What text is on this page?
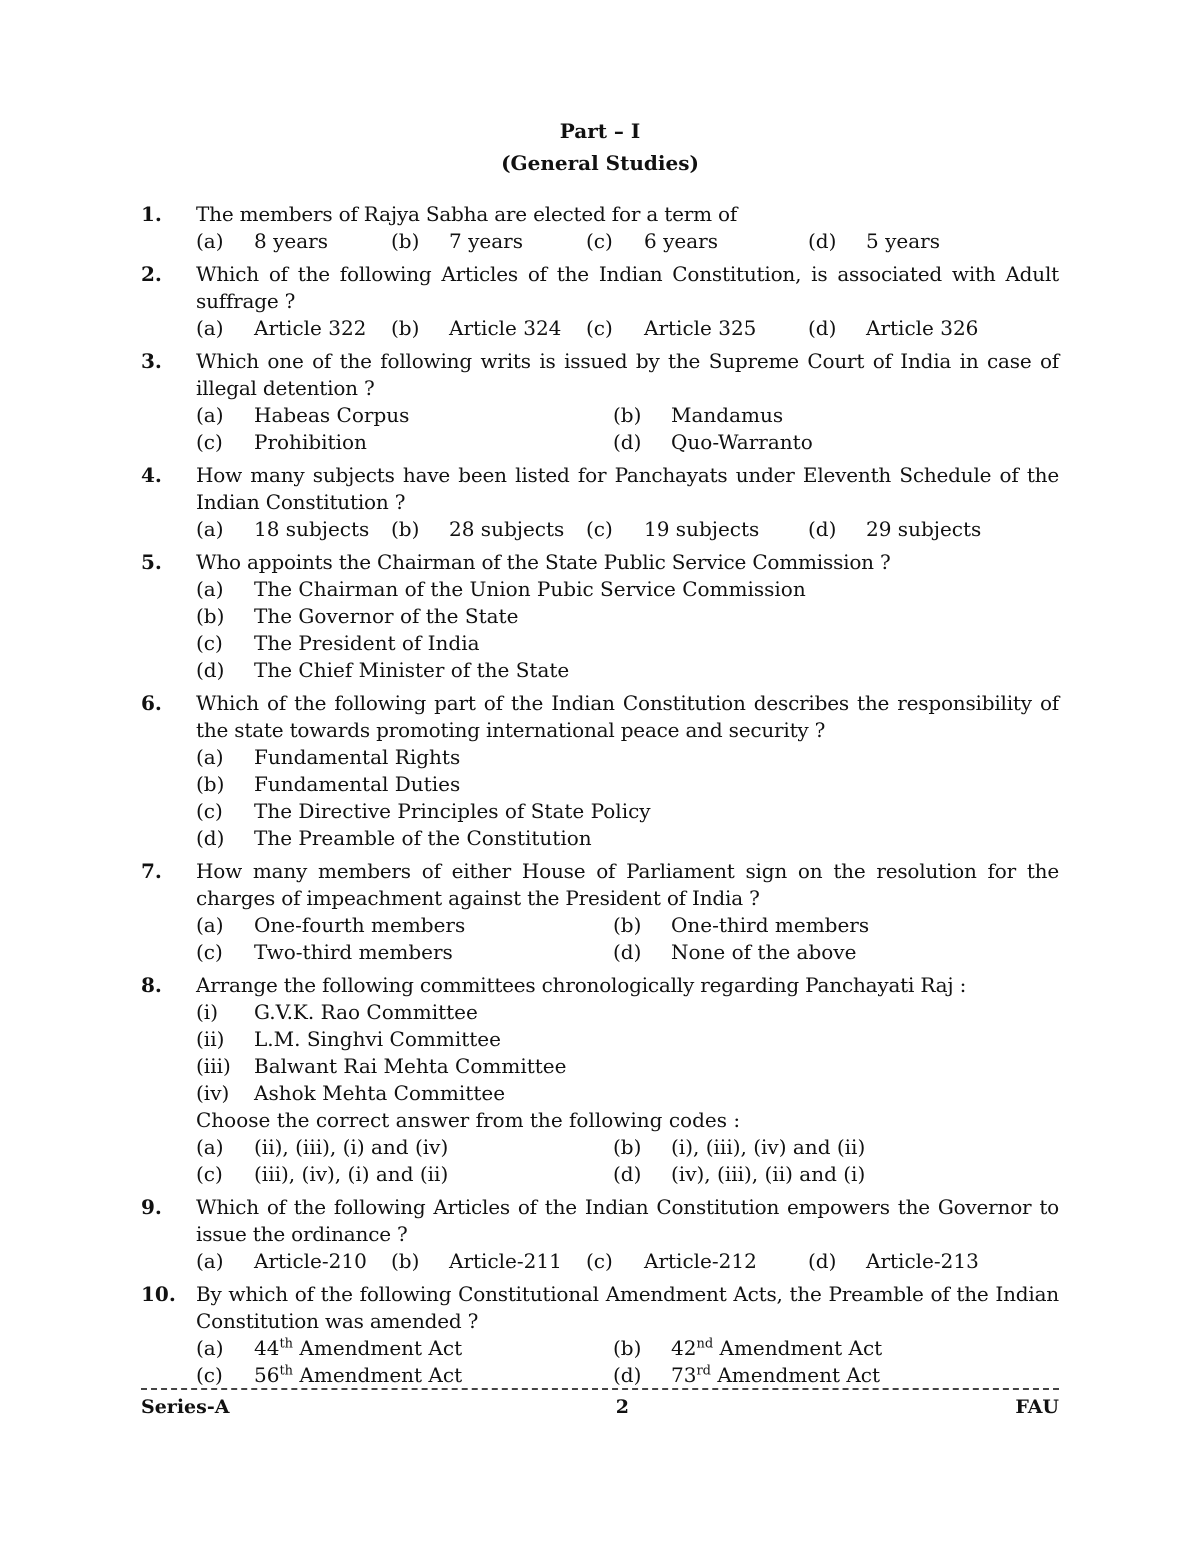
Part – I
(General Studies)
1.	The members of Rajya Sabha are elected for a term of
(a)	8 years	(b)	7 years	(c)	6 years	(d)	5 years
2.	Which of the following Articles of the Indian Constitution, is associated with Adult suffrage ?
(a)	Article 322 (b)	Article 324 (c)	Article 325	(d)	Article 326
3.	Which one of the following writs is issued by the Supreme Court of India in case of illegal detention ?
(a)	Habeas Corpus	(b)	Mandamus
(c)	Prohibition	(d)	Quo-Warranto
4.	How many subjects have been listed for Panchayats under Eleventh Schedule of the Indian Constitution ?
(a)	18 subjects (b)	28 subjects (c)	19 subjects (d)	29 subjects
5.	Who appoints the Chairman of the State Public Service Commission ?
(a)	The Chairman of the Union Pubic Service Commission
(b)	The Governor of the State
(c)	The President of India
(d)	The Chief Minister of the State
6.	Which of the following part of the Indian Constitution describes the responsibility of the state towards promoting international peace and security ?
(a)	Fundamental Rights
(b)	Fundamental Duties
(c)	The Directive Principles of State Policy
(d)	The Preamble of the Constitution
7.	How many members of either House of Parliament sign on the resolution for the charges of impeachment against the President of India ?
(a)	One-fourth members	(b)	One-third members
(c)	Two-third members	(d)	None of the above
8.	Arrange the following committees chronologically regarding Panchayati Raj :
(i)	G.V.K. Rao Committee
(ii)	L.M. Singhvi Committee
(iii)	Balwant Rai Mehta Committee
(iv)	Ashok Mehta Committee
Choose the correct answer from the following codes :
(a)	(ii), (iii), (i) and (iv)	(b)	(i), (iii), (iv) and (ii)
(c)	(iii), (iv), (i) and (ii)	(d)	(iv), (iii), (ii) and (i)
9.	Which of the following Articles of the Indian Constitution empowers the Governor to issue the ordinance ?
(a)	Article-210 (b)	Article-211 (c)	Article-212	(d)	Article-213
10.	By which of the following Constitutional Amendment Acts, the Preamble of the Indian Constitution was amended ?
(a)	44th Amendment Act	(b)	42nd Amendment Act
(c)	56th Amendment Act	(d)	73rd Amendment Act
Series-A	2	FAU
